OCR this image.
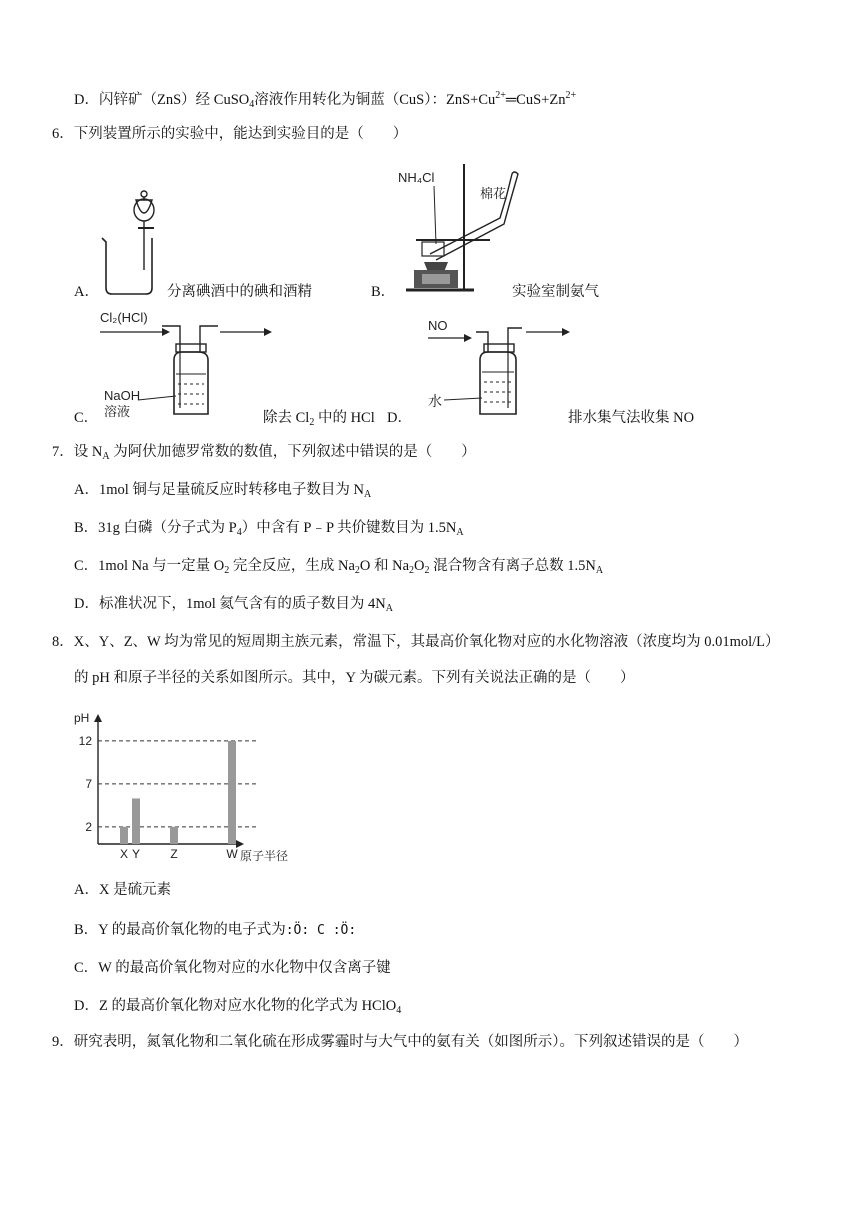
D．闪锌矿（ZnS）经 CuSO$_4$溶液作用转化为铜蓝（CuS）：$ZnS+Cu^{2+}═CuS+Zn^{2+}$
6．下列装置所示的实验中，能达到实验目的是（　　）
A．	分离碘酒中的碘和酒精
NH₄Cl
棉花
B．	实验室制氨气
Cl₂(HCl)
NaOH
溶液
C．	除去 $Cl_2$ 中的 HCl D．
NO
水
排水集气法收集 NO
7．设 $N_A$ 为阿伏加德罗常数的数值，下列叙述中错误的是（　　）
A．1mol 铜与足量硫反应时转移电子数目为 $N_A$
B．31g 白磷（分子式为 $P_4$）中含有 P﹣P 共价键数目为 $1.5N_A$
C．1mol Na 与一定量 $O_2$ 完全反应，生成 $Na_2O$ 和 $Na_2O_2$ 混合物含有离子总数 $1.5N_A$
D．标准状况下，1mol 氦气含有的质子数目为 $4N_A$
8．X、Y、Z、W 均为常见的短周期主族元素，常温下，其最高价氧化物对应的水化物溶液（浓度均为 0.01mol/L）
的 pH 和原子半径的关系如图所示。其中，Y 为碳元素。下列有关说法正确的是（　　）
pH
原子半径
2
7
12
X Y	Z	W
A．X 是硫元素
B．Y 的最高价氧化物的电子式为:Ö: C :Ö:
C．W 的最高价氧化物对应的水化物中仅含离子键
D．Z 的最高价氧化物对应水化物的化学式为 HClO$_4$
9．研究表明，氮氧化物和二氧化硫在形成雾霾时与大气中的氨有关（如图所示）。下列叙述错误的是（　　）
